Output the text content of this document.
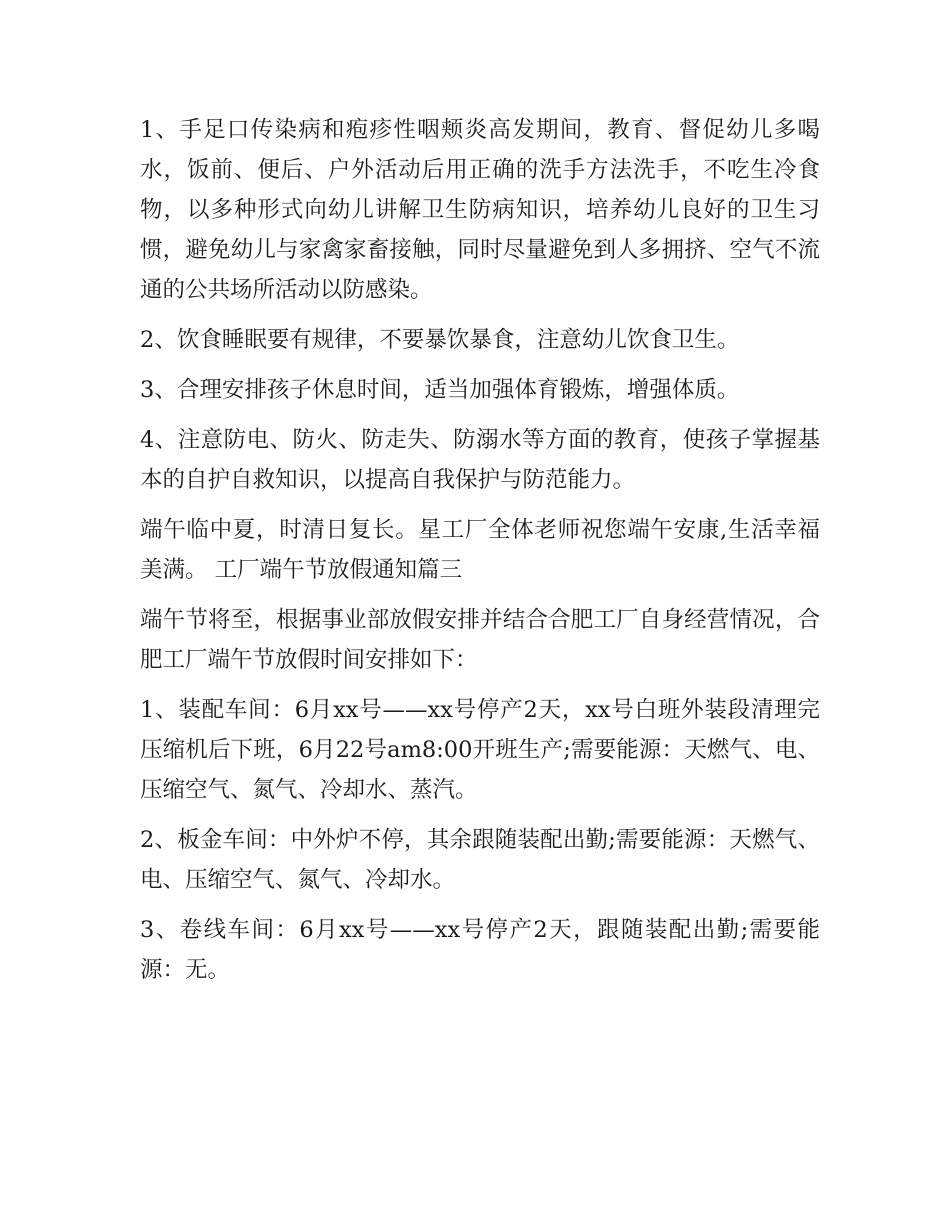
1、手足口传染病和疱疹性咽颊炎高发期间，教育、督促幼儿多喝水，饭前、便后、户外活动后用正确的洗手方法洗手，不吃生冷食物，以多种形式向幼儿讲解卫生防病知识，培养幼儿良好的卫生习惯，避免幼儿与家禽家畜接触，同时尽量避免到人多拥挤、空气不流通的公共场所活动以防感染。

2、饮食睡眠要有规律，不要暴饮暴食，注意幼儿饮食卫生。

3、合理安排孩子休息时间，适当加强体育锻炼，增强体质。

4、注意防电、防火、防走失、防溺水等方面的教育，使孩子掌握基本的自护自救知识，以提高自我保护与防范能力。

端午临中夏，时清日复长。星工厂全体老师祝您端午安康,生活幸福美满。 工厂端午节放假通知篇三

端午节将至，根据事业部放假安排并结合合肥工厂自身经营情况，合肥工厂端午节放假时间安排如下：

1、装配车间：6月xx号——xx号停产2天，xx号白班外装段清理完压缩机后下班，6月22号am8:00开班生产;需要能源：天燃气、电、压缩空气、氮气、冷却水、蒸汽。

2、板金车间：中外炉不停，其余跟随装配出勤;需要能源：天燃气、电、压缩空气、氮气、冷却水。

3、卷线车间：6月xx号——xx号停产2天，跟随装配出勤;需要能源：无。
